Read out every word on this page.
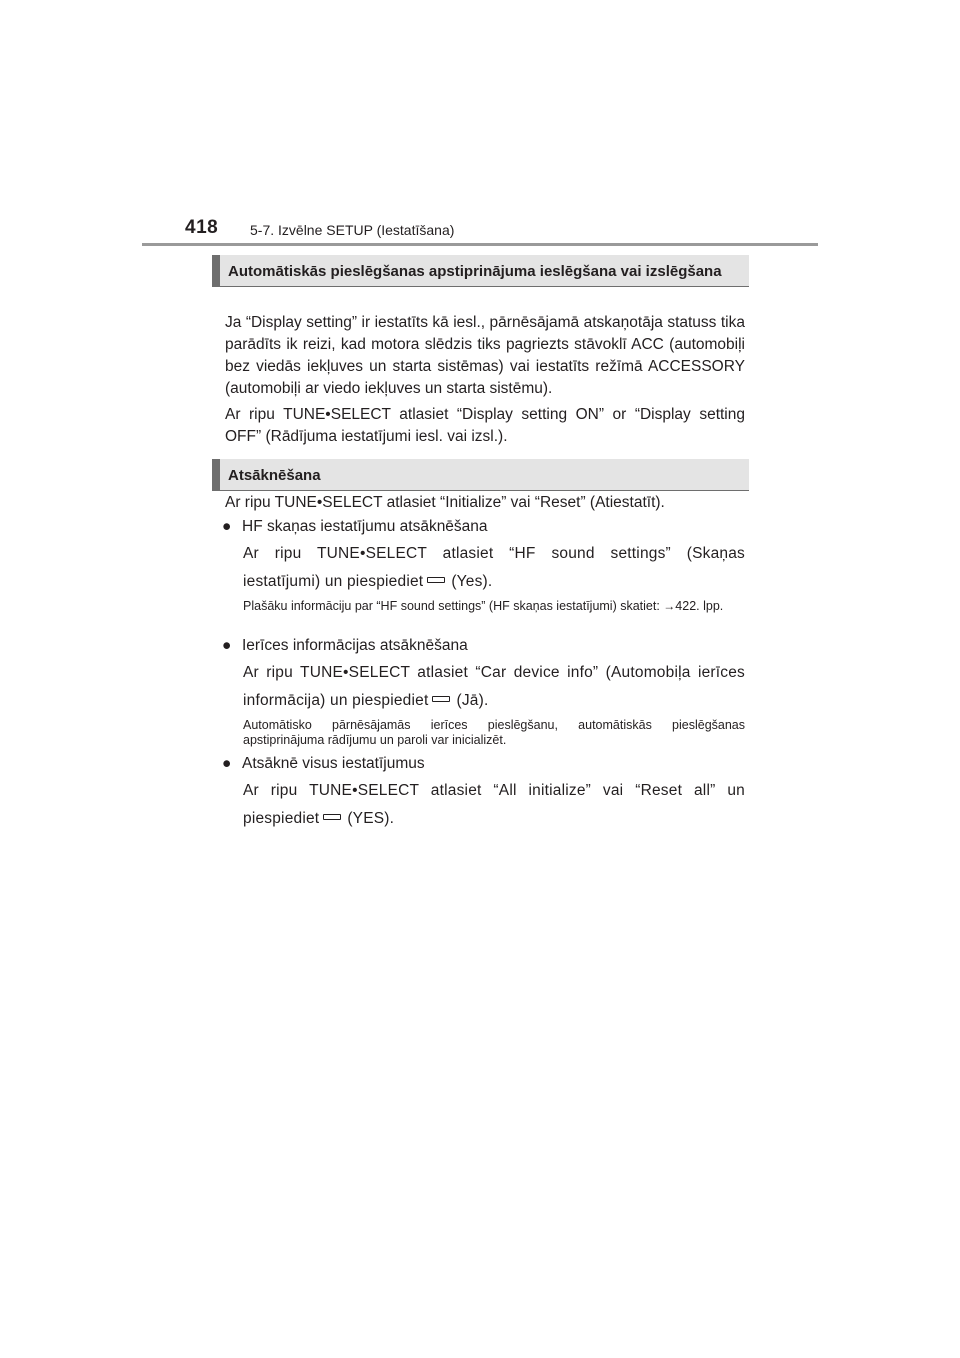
418 5-7. Izvēlne SETUP (Iestatīšana)
Automātiskās pieslēgšanas apstiprinājuma ieslēgšana vai izslēgšana

Ja “Display setting” ir iestatīts kā iesl., pārnēsājamā atskaņotāja statuss tika parādīts ik reizi, kad motora slēdzis tiks pagriezts stāvoklī ACC (automobiļi bez viedās iekļuves un starta sistēmas) vai iestatīts režīmā ACCESSORY (automobiļi ar viedo iekļuves un starta sistēmu).

Ar ripu TUNE•SELECT atlasiet “Display setting ON” or “Display setting OFF” (Rādījuma iestatījumi iesl. vai izsl.).

Atsāknēšana

Ar ripu TUNE•SELECT atlasiet “Initialize” vai “Reset” (Atiestatīt).

● HF skaņas iestatījumu atsāknēšana

Ar ripu TUNE•SELECT atlasiet “HF sound settings” (Skaņas iestatījumi) un piespiediet (Yes).

Plašāku informāciju par “HF sound settings” (HF skaņas iestatījumi) skatiet: →422. lpp.

● Ierīces informācijas atsāknēšana

Ar ripu TUNE•SELECT atlasiet “Car device info” (Automobiļa ierīces informācija) un piespiediet (Jā).

Automātisko pārnēsājamās ierīces pieslēgšanu, automātiskās pieslēgšanas apstiprinājuma rādījumu un paroli var inicializēt.

● Atsāknē visus iestatījumus

Ar ripu TUNE•SELECT atlasiet “All initialize” vai “Reset all” un piespiediet (YES).
